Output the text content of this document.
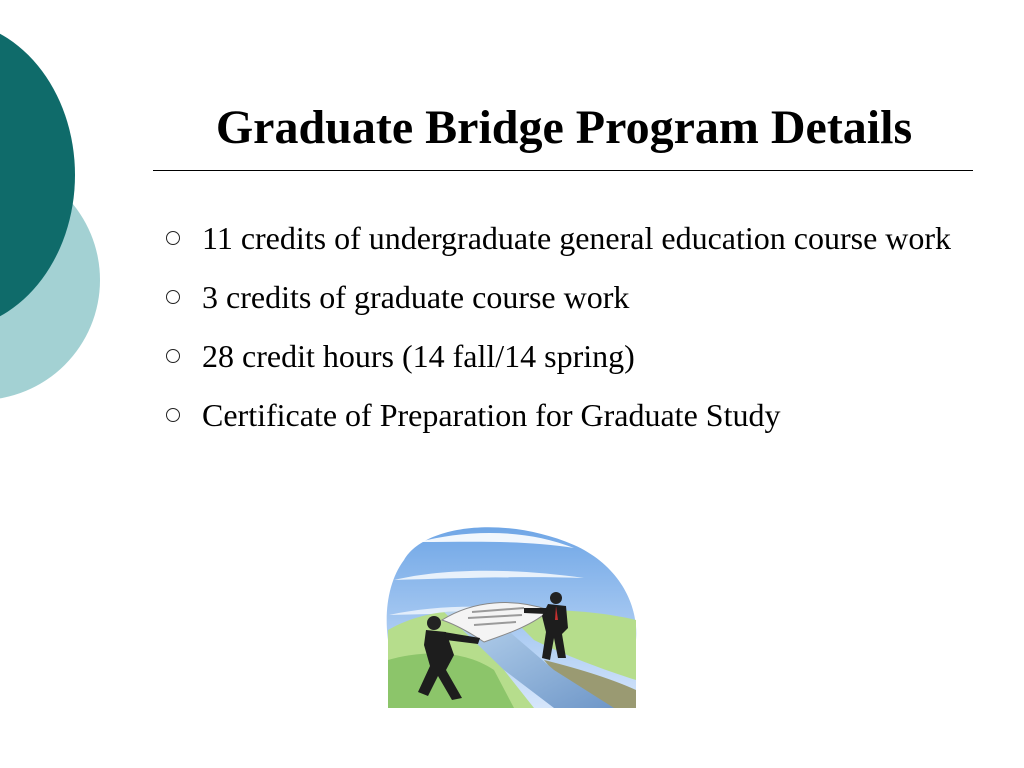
Graduate Bridge Program Details
11 credits of undergraduate general education course work
3 credits of graduate course work
28 credit hours (14 fall/14 spring)
Certificate of Preparation for Graduate Study
